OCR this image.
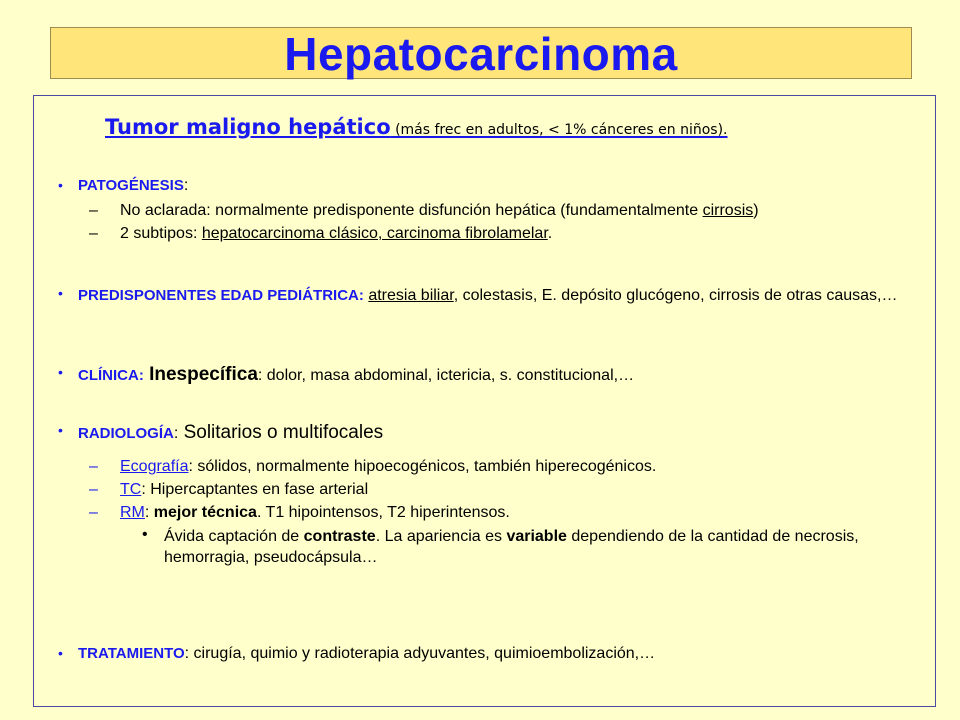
Hepatocarcinoma
Tumor maligno hepático (más frec en adultos, < 1% cánceres en niños).
•	PATOGÉNESIS:
–	No aclarada: normalmente predisponente disfunción hepática (fundamentalmente cirrosis)
–	2 subtipos: hepatocarcinoma clásico, carcinoma fibrolamelar.
•	PREDISPONENTES EDAD PEDIÁTRICA: atresia biliar, colestasis, E. depósito glucógeno, cirrosis de otras causas,…
•	CLÍNICA: Inespecífica: dolor, masa abdominal, ictericia, s. constitucional,…
•	RADIOLOGÍA: Solitarios o multifocales
–	Ecografía: sólidos, normalmente hipoecogénicos, también hiperecogénicos.
–	TC: Hipercaptantes en fase arterial
–	RM: mejor técnica. T1 hipointensos, T2 hiperintensos.
•	Ávida captación de contraste. La apariencia es variable dependiendo de la cantidad de necrosis, hemorragia, pseudocápsula…
•	TRATAMIENTO: cirugía, quimio y radioterapia adyuvantes, quimioembolización,…
